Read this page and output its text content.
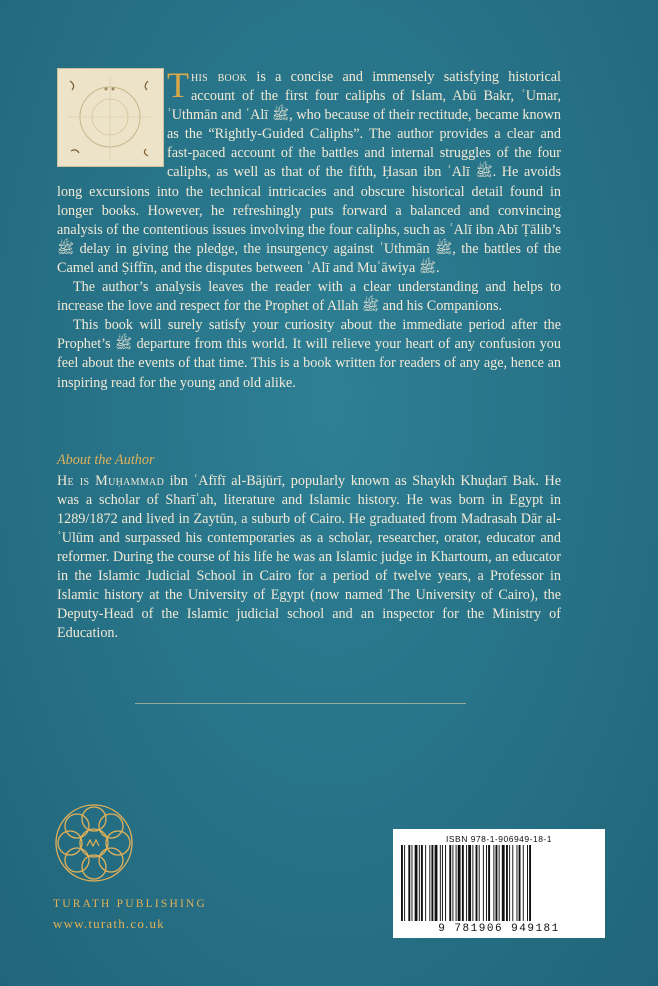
This book is a concise and immensely satisfying historical account of the first four caliphs of Islam, Abū Bakr, ʿUmar, ʿUthmān and ʿAlī ﷺ, who because of their rectitude, became known as the “Rightly-Guided Caliphs”. The author provides a clear and fast-paced account of the battles and internal struggles of the four caliphs, as well as that of the fifth, Ḥasan ibn ʿAlī ﷺ. He avoids long excursions into the technical intricacies and obscure historical detail found in longer books. However, he refreshingly puts forward a balanced and convincing analysis of the contentious issues involving the four caliphs, such as ʿAlī ibn Abī Ṭālib’s ﷺ delay in giving the pledge, the insurgency against ʿUthmān ﷺ, the battles of the Camel and Ṣiffīn, and the disputes between ʿAlī and Muʿāwiya ﷺ.

The author’s analysis leaves the reader with a clear understanding and helps to increase the love and respect for the Prophet of Allah ﷺ and his Companions.

This book will surely satisfy your curiosity about the immediate period after the Prophet’s ﷺ departure from this world. It will relieve your heart of any confusion you feel about the events of that time. This is a book written for readers of any age, hence an inspiring read for the young and old alike.

About the Author

He is Muḥammad ibn ʿAfīfī al-Bājūrī, popularly known as Shaykh Khuḍarī Bak. He was a scholar of Sharīʿah, literature and Islamic history. He was born in Egypt in 1289/1872 and lived in Zaytūn, a suburb of Cairo. He graduated from Madrasah Dār al-ʿUlūm and surpassed his contemporaries as a scholar, researcher, orator, educator and reformer. During the course of his life he was an Islamic judge in Khartoum, an educator in the Islamic Judicial School in Cairo for a period of twelve years, a Professor in Islamic history at the University of Egypt (now named The University of Cairo), the Deputy-Head of the Islamic judicial school and an inspector for the Ministry of Education.

TURATH PUBLISHING
www.turath.co.uk
ISBN 978-1-906949-18-1
9 781906 949181
